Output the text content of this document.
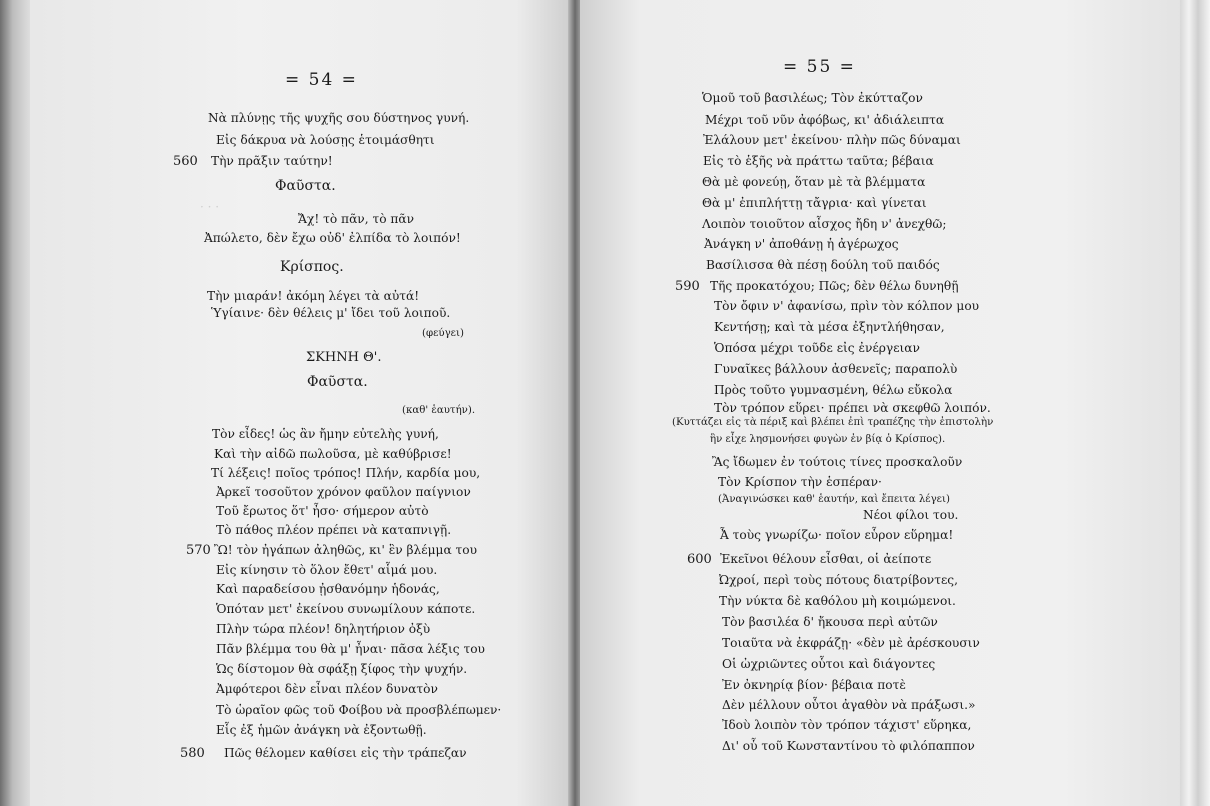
= 54 =
· · ·
560
570
580
Νὰ πλύνῃς τῆς ψυχῆς σου δύστηνος γυνή.
Εἰς δάκρυα νὰ λούσῃς ἑτοιμάσθητι
Τὴν πρᾶξιν ταύτην!
Φαῦστα.
Ἄχ! τὸ πᾶν, τὸ πᾶν
Ἀπώλετο, δὲν ἔχω οὐδ' ἐλπίδα τὸ λοιπόν!
Κρίσπος.
Τὴν μιαράν! ἀκόμη λέγει τὰ αὐτά!
Ὑγίαινε· δὲν θέλεις μ' ἴδει τοῦ λοιποῦ.
(φεύγει)
ΣΚΗΝΗ Θ'.
Φαῦστα.
(καθ' ἑαυτήν).
Τὸν εἶδες! ὡς ἂν ἤμην εὐτελὴς γυνή,
Καὶ τὴν αἰδῶ πωλοῦσα, μὲ καθύβρισε!
Τί λέξεις! ποῖος τρόπος! Πλήν, καρδία μου,
Ἀρκεῖ τοσοῦτον χρόνον φαῦλον παίγνιον
Τοῦ ἔρωτος ὅτ' ἦσο· σήμερον αὐτὸ
Τὸ πάθος πλέον πρέπει νὰ καταπνιγῇ.
Ὢ! τὸν ἠγάπων ἀληθῶς, κι' ἓν βλέμμα του
Εἰς κίνησιν τὸ ὅλον ἔθετ' αἷμά μου.
Καὶ παραδείσου ᾐσθανόμην ἡδονάς,
Ὁπόταν μετ' ἐκείνου συνωμίλουν κάποτε.
Πλὴν τώρα πλέον! δηλητήριον ὀξὺ
Πᾶν βλέμμα του θὰ μ' ἦναι· πᾶσα λέξις του
Ὡς δίστομον θὰ σφάξῃ ξίφος τὴν ψυχήν.
Ἀμφότεροι δὲν εἶναι πλέον δυνατὸν
Τὸ ὡραῖον φῶς τοῦ Φοίβου νὰ προσβλέπωμεν·
Εἷς ἐξ ἡμῶν ἀνάγκη νὰ ἐξοντωθῇ.
Πῶς θέλομεν καθίσει εἰς τὴν τράπεζαν
= 55 =
590
600
Ὁμοῦ τοῦ βασιλέως; Τὸν ἐκύτταζον
Μέχρι τοῦ νῦν ἀφόβως, κι' ἀδιάλειπτα
Ἐλάλουν μετ' ἐκείνου· πλὴν πῶς δύναμαι
Εἰς τὸ ἑξῆς νὰ πράττω ταῦτα; βέβαια
Θὰ μὲ φονεύῃ, ὅταν μὲ τὰ βλέμματα
Θὰ μ' ἐπιπλήττῃ τἄγρια· καὶ γίνεται
Λοιπὸν τοιοῦτον αἶσχος ἤδη ν' ἀνεχθῶ;
Ἀνάγκη ν' ἀποθάνῃ ἡ ἀγέρωχος
Βασίλισσα θὰ πέσῃ δούλη τοῦ παιδός
Τῆς προκατόχου; Πῶς; δὲν θέλω δυνηθῇ
Τὸν ὄφιν ν' ἀφανίσω, πρὶν τὸν κόλπον μου
Κεντήσῃ; καὶ τὰ μέσα ἐξηντλήθησαν,
Ὁπόσα μέχρι τοῦδε εἰς ἐνέργειαν
Γυναῖκες βάλλουν ἀσθενεῖς; παραπολὺ
Πρὸς τοῦτο γυμνασμένη, θέλω εὔκολα
Τὸν τρόπον εὕρει· πρέπει νὰ σκεφθῶ λοιπόν.
(Κυττάζει εἰς τὰ πέριξ καὶ βλέπει ἐπὶ τραπέζης τὴν ἐπιστολὴν
ἣν εἶχε λησμονήσει φυγὼν ἐν βίᾳ ὁ Κρίσπος).
Ἂς ἴδωμεν ἐν τούτοις τίνες προσκαλοῦν
Τὸν Κρίσπον τὴν ἑσπέραν·
(Ἀναγινώσκει καθ' ἑαυτήν, καὶ ἔπειτα λέγει)
Νέοι φίλοι του.
Ἆ τοὺς γνωρίζω· ποῖον εὗρον εὕρημα!
Ἐκεῖνοι θέλουν εἶσθαι, οἱ ἀείποτε
Ὠχροί, περὶ τοὺς πότους διατρίβοντες,
Τὴν νύκτα δὲ καθόλου μὴ κοιμώμενοι.
Τὸν βασιλέα δ' ἤκουσα περὶ αὐτῶν
Τοιαῦτα νὰ ἐκφράζῃ· «δὲν μὲ ἀρέσκουσιν
Οἱ ὠχριῶντες οὗτοι καὶ διάγοντες
Ἐν ὀκνηρίᾳ βίον· βέβαια ποτὲ
Δὲν μέλλουν οὗτοι ἀγαθὸν νὰ πράξωσι.»
Ἰδοὺ λοιπὸν τὸν τρόπον τάχιστ' εὕρηκα,
Δι' οὗ τοῦ Κωνσταντίνου τὸ φιλόπαππον
